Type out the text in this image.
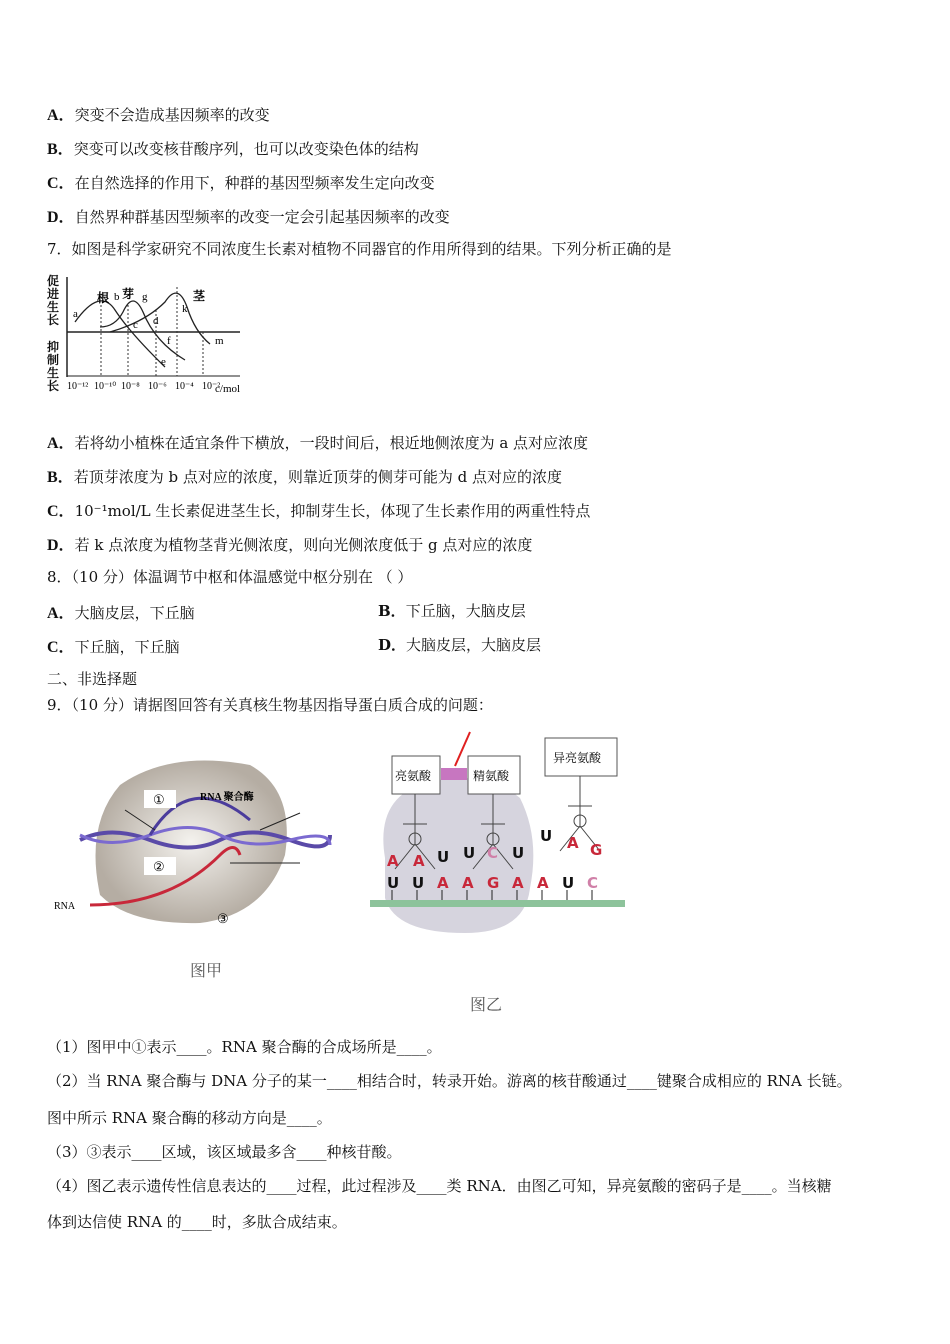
A．突变不会造成基因频率的改变
B．突变可以改变核苷酸序列，也可以改变染色体的结构
C．在自然选择的作用下，种群的基因型频率发生定向改变
D．自然界种群基因型频率的改变一定会引起基因频率的改变
7．如图是科学家研究不同浓度生长素对植物不同器官的作用所得到的结果。下列分析正确的是
a
b
c d
e
f
g
k
m
根 芽	茎
10⁻¹² 10⁻¹⁰ 10⁻⁸ 10⁻⁶ 10⁻⁴ 10⁻²
c/mol
促进生长
抑制生长
A．若将幼小植株在适宜条件下横放，一段时间后，根近地侧浓度为 a 点对应浓度
B．若顶芽浓度为 b 点对应的浓度，则靠近顶芽的侧芽可能为 d 点对应的浓度
C．10⁻¹mol/L 生长素促进茎生长，抑制芽生长，体现了生长素作用的两重性特点
D．若 k 点浓度为植物茎背光侧浓度，则向光侧浓度低于 g 点对应的浓度
8．（10 分）体温调节中枢和体温感觉中枢分别在 （ ）
A．大脑皮层，下丘脑	B．下丘脑，大脑皮层
C．下丘脑，下丘脑	D．大脑皮层，大脑皮层
二、非选择题
9．（10 分）请据图回答有关真核生物基因指导蛋白质合成的问题：
①
②
③
RNA 聚合酶
RNA
图甲
亮氨酸	精氨酸
异亮氨酸
A A U U C U
U A G
U U A A G A A U C
图乙
（1）图甲中①表示____。RNA 聚合酶的合成场所是____。
（2）当 RNA 聚合酶与 DNA 分子的某一____相结合时，转录开始。游离的核苷酸通过____键聚合成相应的 RNA 长链。
图中所示 RNA 聚合酶的移动方向是____。
（3）③表示____区域，该区域最多含____种核苷酸。
（4）图乙表示遗传性信息表达的____过程，此过程涉及____类 RNA．由图乙可知，异亮氨酸的密码子是____。当核糖
体到达信使 RNA 的____时，多肽合成结束。
